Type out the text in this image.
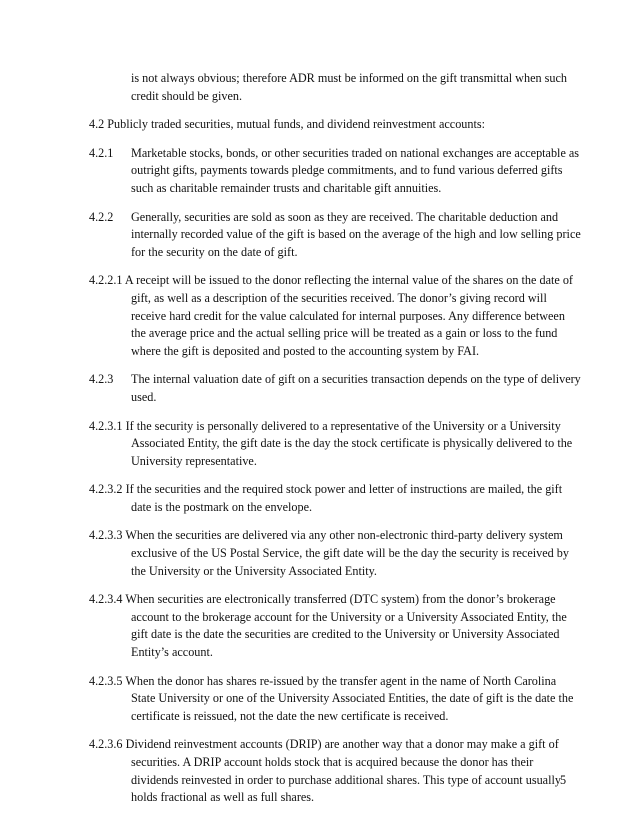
is not always obvious; therefore ADR must be informed on the gift transmittal when such credit should be given.
4.2 Publicly traded securities, mutual funds, and dividend reinvestment accounts:
4.2.1 Marketable stocks, bonds, or other securities traded on national exchanges are acceptable as outright gifts, payments towards pledge commitments, and to fund various deferred gifts such as charitable remainder trusts and charitable gift annuities.
4.2.2 Generally, securities are sold as soon as they are received. The charitable deduction and internally recorded value of the gift is based on the average of the high and low selling price for the security on the date of gift.
4.2.2.1 A receipt will be issued to the donor reflecting the internal value of the shares on the date of gift, as well as a description of the securities received. The donor’s giving record will receive hard credit for the value calculated for internal purposes. Any difference between the average price and the actual selling price will be treated as a gain or loss to the fund where the gift is deposited and posted to the accounting system by FAI.
4.2.3 The internal valuation date of gift on a securities transaction depends on the type of delivery used.
4.2.3.1 If the security is personally delivered to a representative of the University or a University Associated Entity, the gift date is the day the stock certificate is physically delivered to the University representative.
4.2.3.2 If the securities and the required stock power and letter of instructions are mailed, the gift date is the postmark on the envelope.
4.2.3.3 When the securities are delivered via any other non-electronic third-party delivery system exclusive of the US Postal Service, the gift date will be the day the security is received by the University or the University Associated Entity.
4.2.3.4 When securities are electronically transferred (DTC system) from the donor’s brokerage account to the brokerage account for the University or a University Associated Entity, the gift date is the date the securities are credited to the University or University Associated Entity’s account.
4.2.3.5 When the donor has shares re-issued by the transfer agent in the name of North Carolina State University or one of the University Associated Entities, the date of gift is the date the certificate is reissued, not the date the new certificate is received.
4.2.3.6 Dividend reinvestment accounts (DRIP) are another way that a donor may make a gift of securities. A DRIP account holds stock that is acquired because the donor has their dividends reinvested in order to purchase additional shares. This type of account usually holds fractional as well as full shares.
5
